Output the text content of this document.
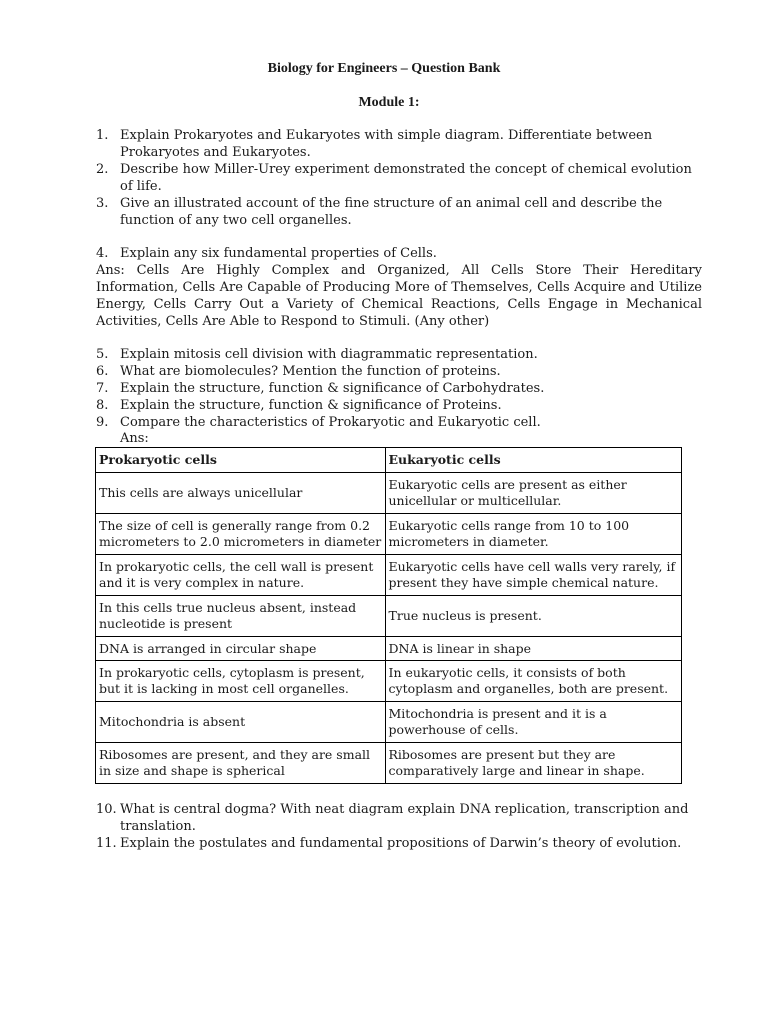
Biology for Engineers – Question Bank
Module 1:
1. Explain Prokaryotes and Eukaryotes with simple diagram. Differentiate between Prokaryotes and Eukaryotes.
2. Describe how Miller-Urey experiment demonstrated the concept of chemical evolution of life.
3. Give an illustrated account of the fine structure of an animal cell and describe the function of any two cell organelles.
4. Explain any six fundamental properties of Cells.
Ans: Cells Are Highly Complex and Organized, All Cells Store Their Hereditary Information, Cells Are Capable of Producing More of Themselves, Cells Acquire and Utilize Energy, Cells Carry Out a Variety of Chemical Reactions, Cells Engage in Mechanical Activities, Cells Are Able to Respond to Stimuli. (Any other)
5. Explain mitosis cell division with diagrammatic representation.
6. What are biomolecules? Mention the function of proteins.
7. Explain the structure, function & significance of Carbohydrates.
8. Explain the structure, function & significance of Proteins.
9. Compare the characteristics of Prokaryotic and Eukaryotic cell.
Ans:
Prokaryotic cells	Eukaryotic cells
This cells are always unicellular	Eukaryotic cells are present as either unicellular or multicellular.
The size of cell is generally range from 0.2 micrometers to 2.0 micrometers in diameter	Eukaryotic cells range from 10 to 100 micrometers in diameter.
In prokaryotic cells, the cell wall is present and it is very complex in nature.	Eukaryotic cells have cell walls very rarely, if present they have simple chemical nature.
In this cells true nucleus absent, instead nucleotide is present	True nucleus is present.
DNA is arranged in circular shape	DNA is linear in shape
In prokaryotic cells, cytoplasm is present, but it is lacking in most cell organelles.	In eukaryotic cells, it consists of both cytoplasm and organelles, both are present.
Mitochondria is absent	Mitochondria is present and it is a powerhouse of cells.
Ribosomes are present, and they are small in size and shape is spherical	Ribosomes are present but they are comparatively large and linear in shape.
10. What is central dogma? With neat diagram explain DNA replication, transcription and translation.
11. Explain the postulates and fundamental propositions of Darwin’s theory of evolution.
